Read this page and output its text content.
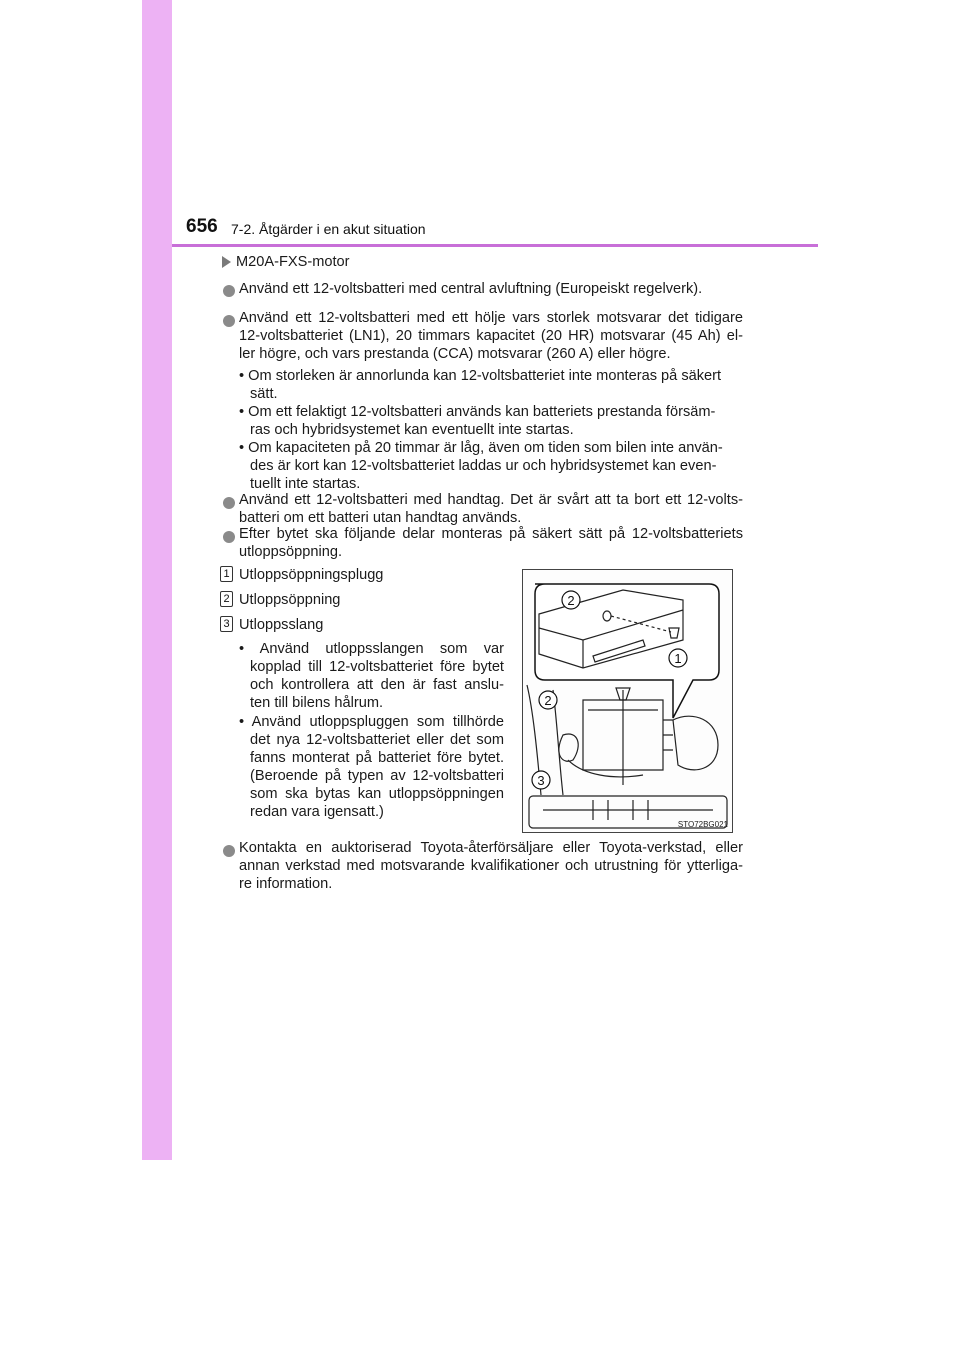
656 7-2. Åtgärder i en akut situation
M20A-FXS-motor
Använd ett 12-voltsbatteri med central avluftning (Europeiskt regelverk).
Använd ett 12-voltsbatteri med ett hölje vars storlek motsvarar det tidigare
12-voltsbatteriet (LN1), 20 timmars kapacitet (20 HR) motsvarar (45 Ah) el-
ler högre, och vars prestanda (CCA) motsvarar (260 A) eller högre.
• Om storleken är annorlunda kan 12-voltsbatteriet inte monteras på säkert
sätt.
• Om ett felaktigt 12-voltsbatteri används kan batteriets prestanda försäm-
ras och hybridsystemet kan eventuellt inte startas.
• Om kapaciteten på 20 timmar är låg, även om tiden som bilen inte använ-
des är kort kan 12-voltsbatteriet laddas ur och hybridsystemet kan even-
tuellt inte startas.
Använd ett 12-voltsbatteri med handtag. Det är svårt att ta bort ett 12-volts-
batteri om ett batteri utan handtag används.
Efter bytet ska följande delar monteras på säkert sätt på 12-voltsbatteriets
utloppsöppning.
1 Utloppsöppningsplugg
2 Utloppsöppning
3 Utloppsslang
• Använd utloppsslangen som var
kopplad till 12-voltsbatteriet före bytet
och kontrollera att den är fast anslu-
ten till bilens hålrum.
• Använd utloppspluggen som tillhörde
det nya 12-voltsbatteriet eller det som
fanns monterat på batteriet före bytet.
(Beroende på typen av 12-voltsbatteri
som ska bytas kan utloppsöppningen
redan vara igensatt.)
Kontakta en auktoriserad Toyota-återförsäljare eller Toyota-verkstad, eller
annan verkstad med motsvarande kvalifikationer och utrustning för ytterliga-
re information.
2
1
2
3
STO72BG021
